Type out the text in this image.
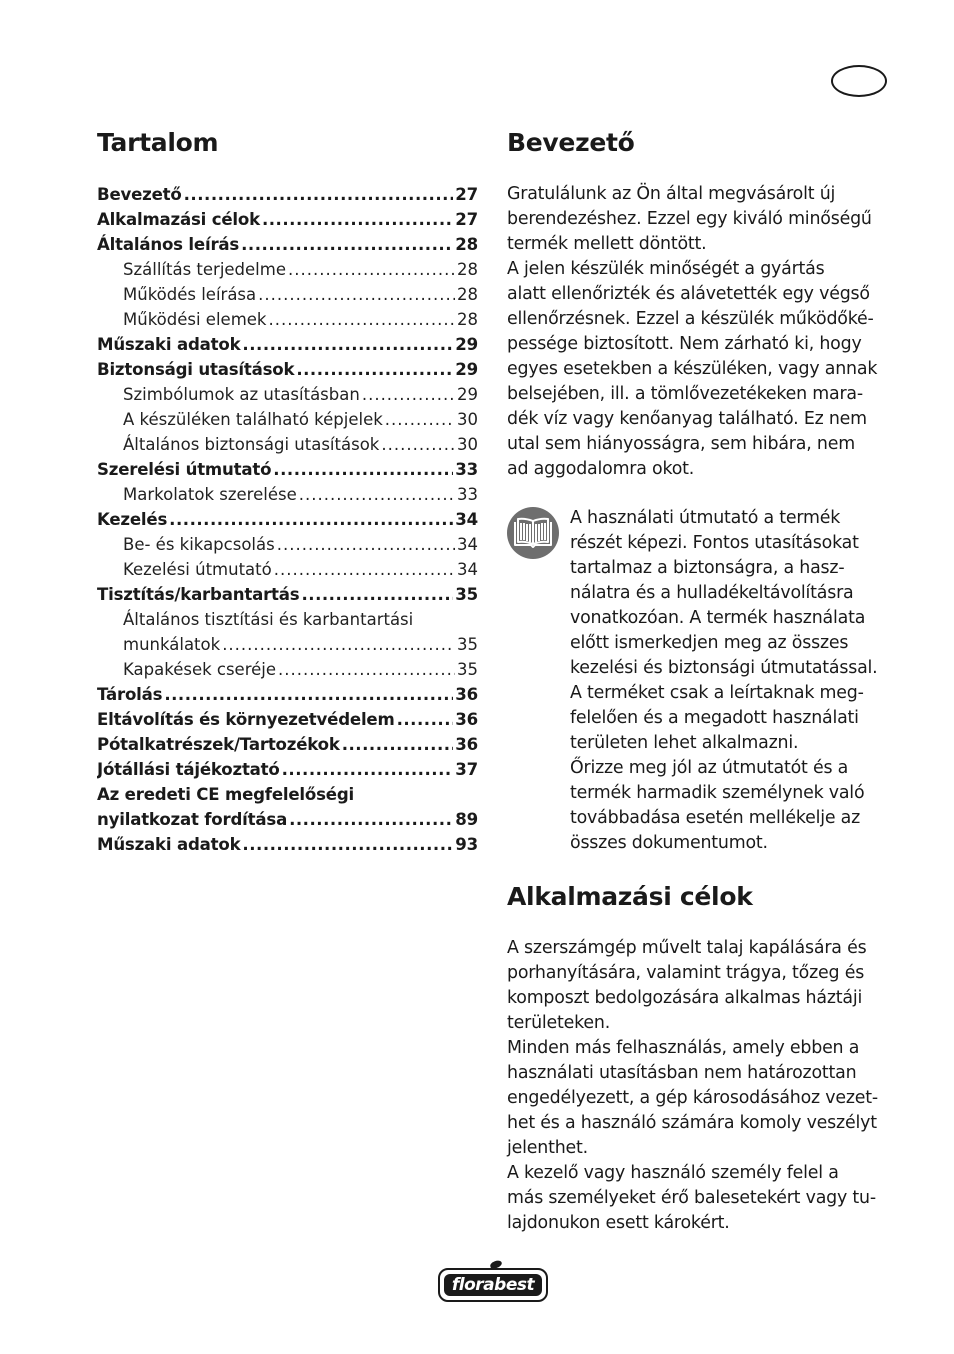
Tartalom
Bevezető .....	27
Alkalmazási célok .....	27
Általános leírás .....	28
Szállítás terjedelme .....	28
Működés leírása .....	28
Működési elemek .....	28
Műszaki adatok .....	29
Biztonsági utasítások .....	29
Szimbólumok az utasításban .....	29
A készüléken található képjelek .....	30
Általános biztonsági utasítások .....	30
Szerelési útmutató .....	33
Markolatok szerelése .....	33
Kezelés .....	34
Be- és kikapcsolás .....	34
Kezelési útmutató .....	34
Tisztítás/karbantartás .....	35
Általános tisztítási és karbantartási
munkálatok .....	35
Kapakések cseréje .....	35
Tárolás .....	36
Eltávolítás és környezetvédelem .....	36
Pótalkatrészek/Tartozékok .....	36
Jótállási tájékoztató .....	37
Az eredeti CE megfelelőségi
nyilatkozat fordítása .....	89
Műszaki adatok .....	93
Bevezető

Gratulálunk az Ön által megvásárolt új

berendezéshez. Ezzel egy kiváló minőségű

termék mellett döntött.

A jelen készülék minőségét a gyártás

alatt ellenőrizték és alávetették egy végső

ellenőrzésnek. Ezzel a készülék működőké-

pessége biztosított. Nem zárható ki, hogy

egyes esetekben a készüléken, vagy annak

belsejében, ill. a tömlővezetékeken mara-

dék víz vagy kenőanyag található. Ez nem

utal sem hiányosságra, sem hibára, nem

ad aggodalomra okot.

A használati útmutató a termék

részét képezi. Fontos utasításokat

tartalmaz a biztonságra, a hasz-

nálatra és a hulladékeltávolításra

vonatkozóan. A termék használata

előtt ismerkedjen meg az összes

kezelési és biztonsági útmutatással.

A terméket csak a leírtaknak meg-

felelően és a megadott használati

területen lehet alkalmazni.

Őrizze meg jól az útmutatót és a

termék harmadik személynek való

továbbadása esetén mellékelje az

összes dokumentumot.

Alkalmazási célok

A szerszámgép művelt talaj kapálására és

porhanyítására, valamint trágya, tőzeg és

komposzt bedolgozására alkalmas háztáji

területeken.

Minden más felhasználás, amely ebben a

használati utasításban nem határozottan

engedélyezett, a gép károsodásához vezet-

het és a használó számára komoly veszélyt

jelenthet.

A kezelő vagy használó személy felel a

más személyeket érő balesetekért vagy tu-

lajdonukon esett károkért.

florabest
